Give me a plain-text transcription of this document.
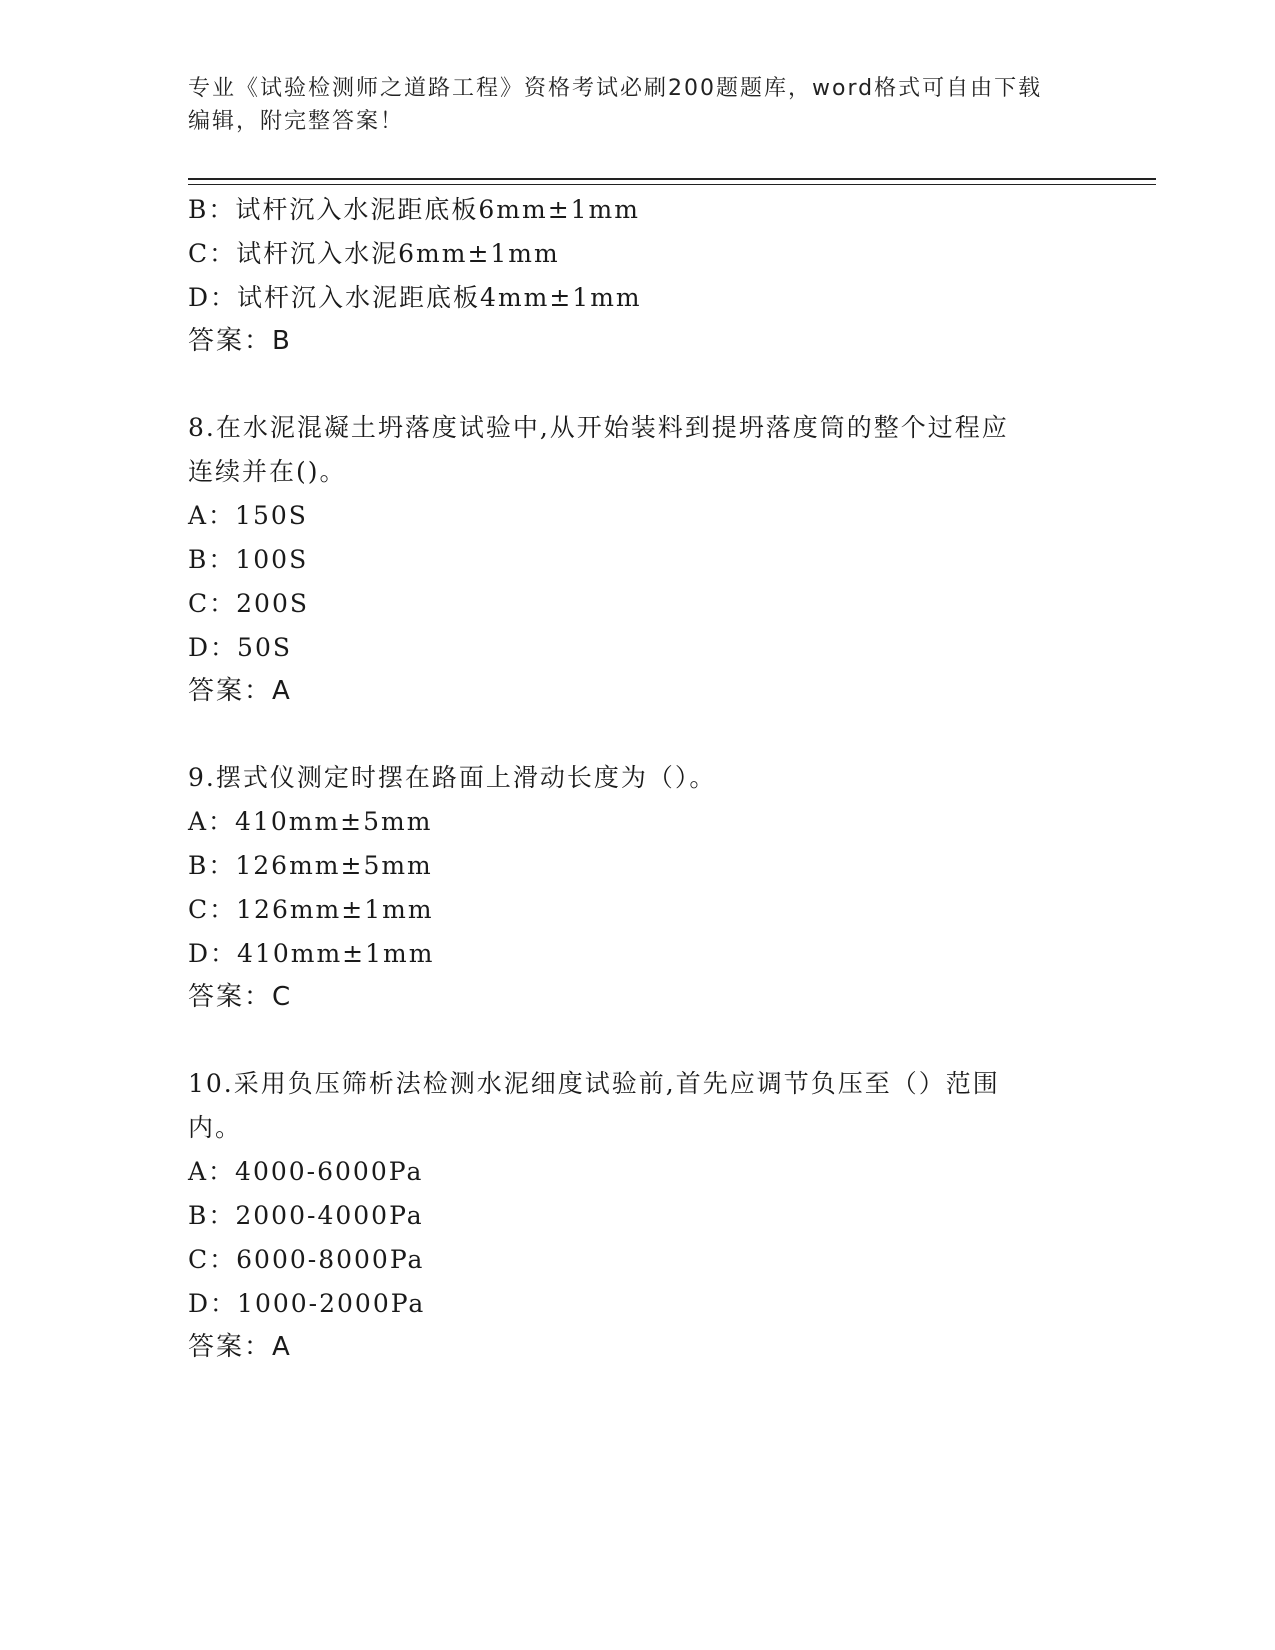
专业《试验检测师之道路工程》资格考试必刷200题题库，word格式可自由下载
编辑，附完整答案！
B：试杆沉入水泥距底板6mm±1mm
C：试杆沉入水泥6mm±1mm
D：试杆沉入水泥距底板4mm±1mm
答案：B
8.在水泥混凝土坍落度试验中,从开始装料到提坍落度筒的整个过程应
连续并在()。
A：150S
B：100S
C：200S
D：50S
答案：A
9.摆式仪测定时摆在路面上滑动长度为（）。
A：410mm±5mm
B：126mm±5mm
C：126mm±1mm
D：410mm±1mm
答案：C
10.采用负压筛析法检测水泥细度试验前,首先应调节负压至（）范围
内。
A：4000-6000Pa
B：2000-4000Pa
C：6000-8000Pa
D：1000-2000Pa
答案：A
